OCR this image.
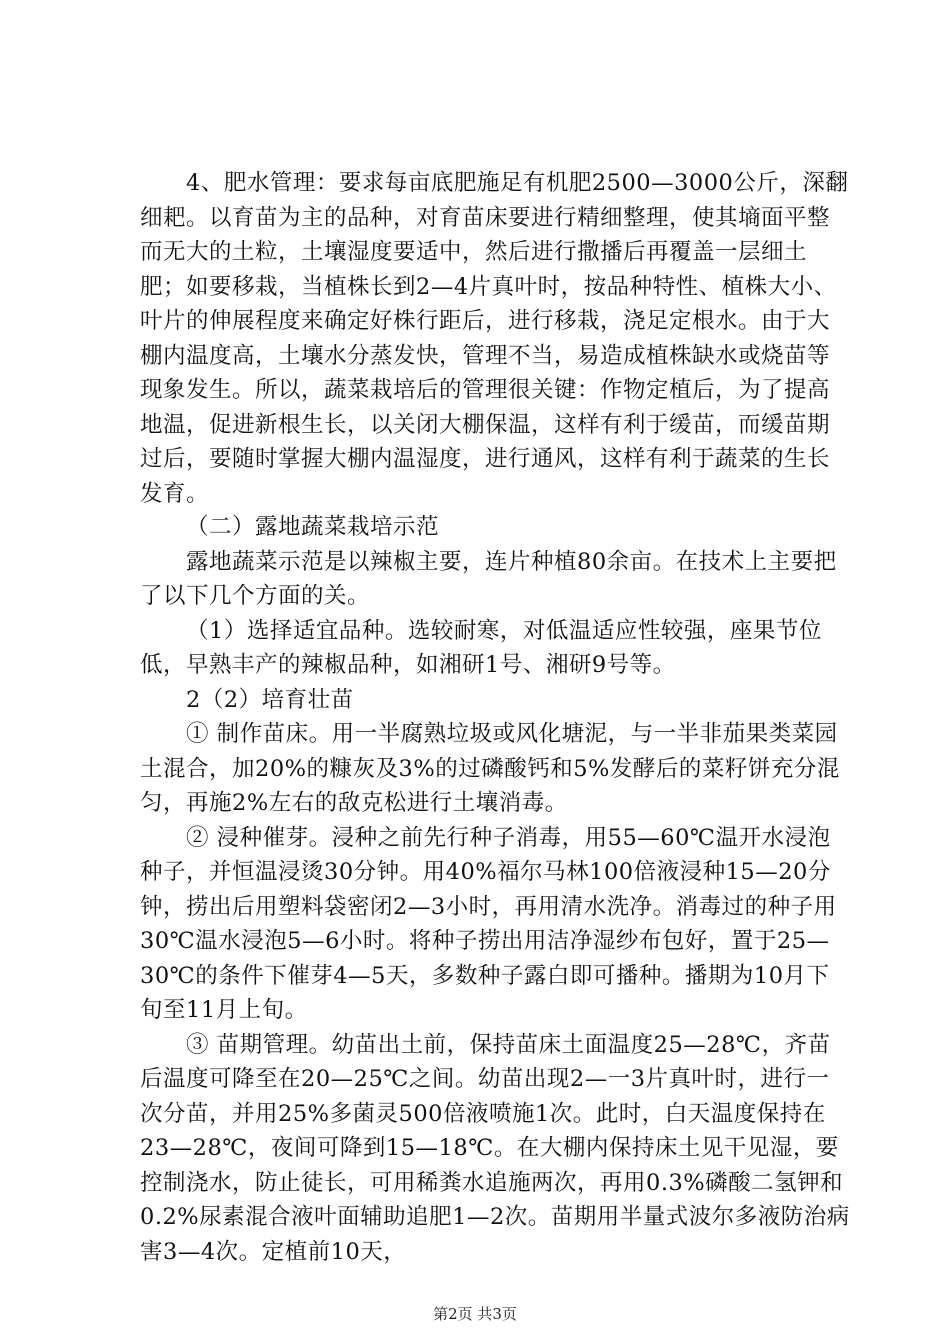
4、肥水管理：要求每亩底肥施足有机肥2500—3000公斤，深翻细耙。以育苗为主的品种，对育苗床要进行精细整理，使其墒面平整而无大的土粒，土壤湿度要适中，然后进行撒播后再覆盖一层细土肥；如要移栽，当植株长到2—4片真叶时，按品种特性、植株大小、叶片的伸展程度来确定好株行距后，进行移栽，浇足定根水。由于大棚内温度高，土壤水分蒸发快，管理不当，易造成植株缺水或烧苗等现象发生。所以，蔬菜栽培后的管理很关键：作物定植后，为了提高地温，促进新根生长，以关闭大棚保温，这样有利于缓苗，而缓苗期过后，要随时掌握大棚内温湿度，进行通风，这样有利于蔬菜的生长发育。

（二）露地蔬菜栽培示范

露地蔬菜示范是以辣椒主要，连片种植80余亩。在技术上主要把了以下几个方面的关。

（1）选择适宜品种。选较耐寒，对低温适应性较强，座果节位低，早熟丰产的辣椒品种，如湘研1号、湘研9号等。

2（2）培育壮苗

① 制作苗床。用一半腐熟垃圾或风化塘泥，与一半非茄果类菜园土混合，加20%的糠灰及3%的过磷酸钙和5%发酵后的菜籽饼充分混匀，再施2%左右的敌克松进行土壤消毒。

② 浸种催芽。浸种之前先行种子消毒，用55—60℃温开水浸泡种子，并恒温浸烫30分钟。用40%福尔马林100倍液浸种15—20分钟，捞出后用塑料袋密闭2—3小时，再用清水洗净。消毒过的种子用30℃温水浸泡5—6小时。将种子捞出用洁净湿纱布包好，置于25—30℃的条件下催芽4—5天，多数种子露白即可播种。播期为10月下旬至11月上旬。

③ 苗期管理。幼苗出土前，保持苗床土面温度25—28℃，齐苗后温度可降至在20—25℃之间。幼苗出现2—一3片真叶时，进行一次分苗，并用25%多菌灵500倍液喷施1次。此时，白天温度保持在23—28℃，夜间可降到15—18℃。在大棚内保持床土见干见湿，要控制浇水，防止徒长，可用稀粪水追施两次，再用0.3%磷酸二氢钾和0.2%尿素混合液叶面辅助追肥1—2次。苗期用半量式波尔多液防治病害3—4次。定植前10天，

第2页 共3页
